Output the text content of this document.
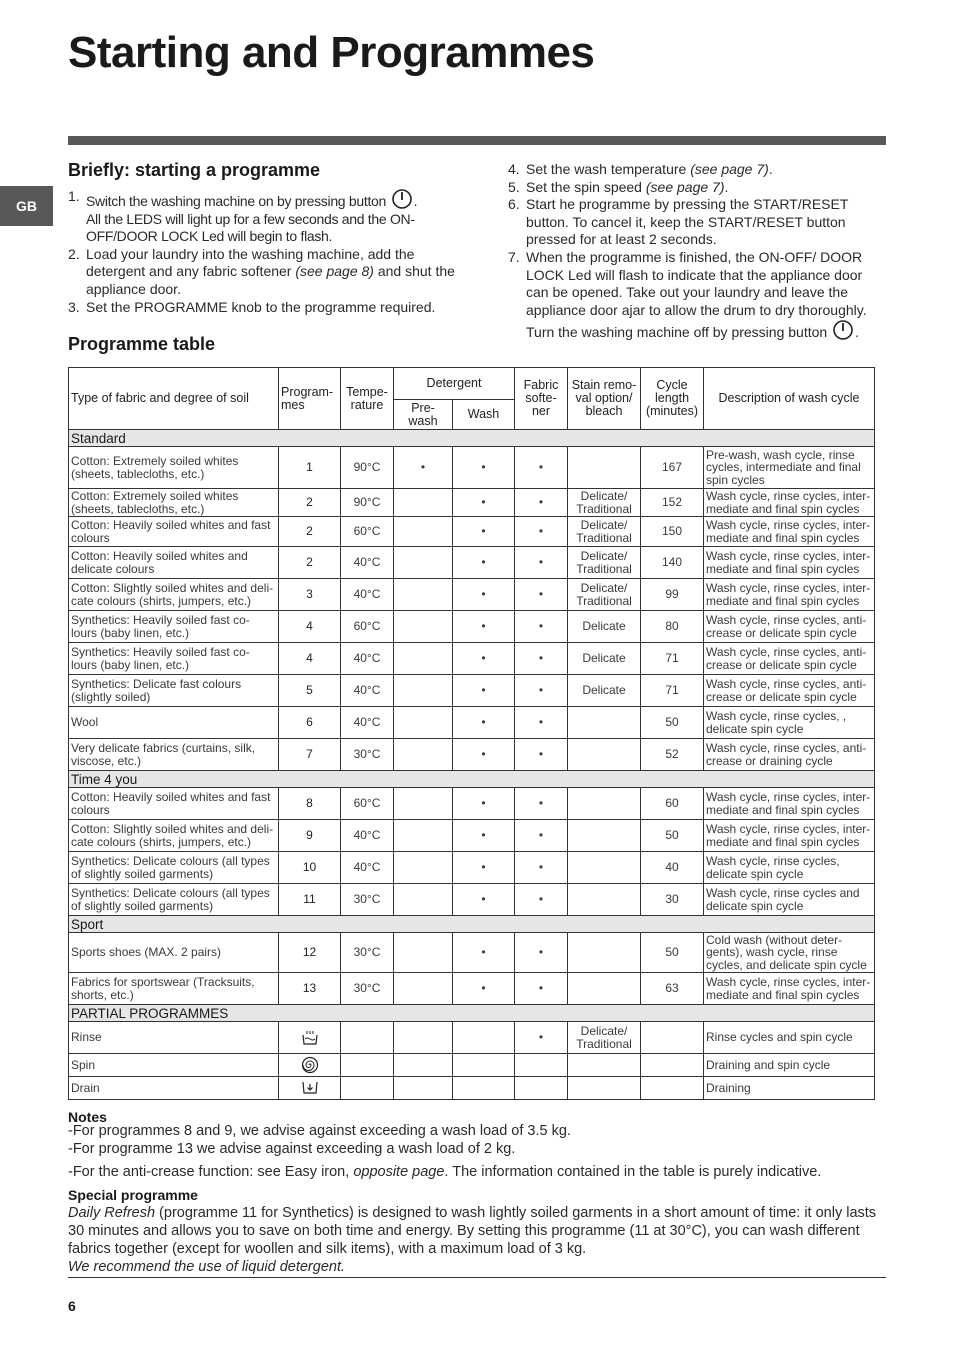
Starting and Programmes
GB
Briefly: starting a programme
1. Switch the washing machine on by pressing button .
All the LEDS will light up for a few seconds and the ON-OFF/DOOR LOCK Led will begin to flash.
2. Load your laundry into the washing machine, add the detergent and any fabric softener (see page 8) and shut the appliance door.
3. Set the PROGRAMME knob to the programme required.
Programme table
4. Set the wash temperature (see page 7).
5. Set the spin speed (see page 7).
6. Start he programme by pressing the START/RESET button. To cancel it, keep the START/RESET button pressed for at least 2 seconds.
7. When the programme is finished, the ON-OFF/ DOOR LOCK Led will flash to indicate that the appliance door can be opened. Take out your laundry and leave the appliance door ajar to allow the drum to dry thoroughly. Turn the washing machine off by pressing button .
Type of fabric and degree of soil	Program- mes	Tempe- rature	Detergent		Fabric softe- ner	Stain remo- val option/ bleach	Cycle length (minutes)	Description of wash cycle
			Pre- wash	Wash				
Standard								
Cotton: Extremely soiled whites (sheets, tablecloths, etc.)	1	90°C	•	•	•		167	Pre-wash, wash cycle, rinse cycles, intermediate and final spin cycles
Cotton: Extremely soiled whites (sheets, tablecloths, etc.)	2	90°C		•	•	Delicate/ Traditional	152	Wash cycle, rinse cycles, inter- mediate and final spin cycles
Cotton: Heavily soiled whites and fast colours	2	60°C		•	•	Delicate/ Traditional	150	Wash cycle, rinse cycles, inter- mediate and final spin cycles
Cotton: Heavily soiled whites and delicate colours	2	40°C		•	•	Delicate/ Traditional	140	Wash cycle, rinse cycles, inter- mediate and final spin cycles
Cotton: Slightly soiled whites and deli- cate colours (shirts, jumpers, etc.)	3	40°C		•	•	Delicate/ Traditional	99	Wash cycle, rinse cycles, inter- mediate and final spin cycles
Synthetics: Heavily soiled fast co- lours (baby linen, etc.)	4	60°C		•	•	Delicate	80	Wash cycle, rinse cycles, anti- crease or delicate spin cycle
Synthetics: Heavily soiled fast co- lours (baby linen, etc.)	4	40°C		•	•	Delicate	71	Wash cycle, rinse cycles, anti- crease or delicate spin cycle
Synthetics: Delicate fast colours (slightly soiled)	5	40°C		•	•	Delicate	71	Wash cycle, rinse cycles, anti- crease or delicate spin cycle
Wool	6	40°C		•	•		50	Wash cycle, rinse cycles, , delicate spin cycle
Very delicate fabrics (curtains, silk, viscose, etc.)	7	30°C		•	•		52	Wash cycle, rinse cycles, anti- crease or draining cycle
Time 4 you								
Cotton: Heavily soiled whites and fast colours	8	60°C		•	•		60	Wash cycle, rinse cycles, inter- mediate and final spin cycles
Cotton: Slightly soiled whites and deli- cate colours (shirts, jumpers, etc.)	9	40°C		•	•		50	Wash cycle, rinse cycles, inter- mediate and final spin cycles
Synthetics: Delicate colours (all types of slightly soiled garments)	10	40°C		•	•		40	Wash cycle, rinse cycles, delicate spin cycle
Synthetics: Delicate colours (all types of slightly soiled garments)	11	30°C		•	•		30	Wash cycle, rinse cycles and delicate spin cycle
Sport								
Sports shoes (MAX. 2 pairs)	12	30°C		•	•		50	Cold wash (without deter- gents), wash cycle, rinse cycles, and delicate spin cycle
Fabrics for sportswear (Tracksuits, shorts, etc.)	13	30°C		•	•		63	Wash cycle, rinse cycles, inter- mediate and final spin cycles
PARTIAL PROGRAMMES								
Rinse					•	Delicate/ Traditional		Rinse cycles and spin cycle
Spin								Draining and spin cycle
Drain								Draining
Notes
-For programmes 8 and 9, we advise against exceeding a wash load of 3.5 kg.
-For programme 13 we advise against exceeding a wash load of 2 kg.
-For the anti-crease function: see Easy iron, opposite page. The information contained in the table is purely indicative.
Special programme
Daily Refresh (programme 11 for Synthetics) is designed to wash lightly soiled garments in a short amount of time: it only lasts 30 minutes and allows you to save on both time and energy. By setting this programme (11 at 30°C), you can wash different fabrics together (except for woollen and silk items), with a maximum load of 3 kg.
We recommend the use of liquid detergent.
6
